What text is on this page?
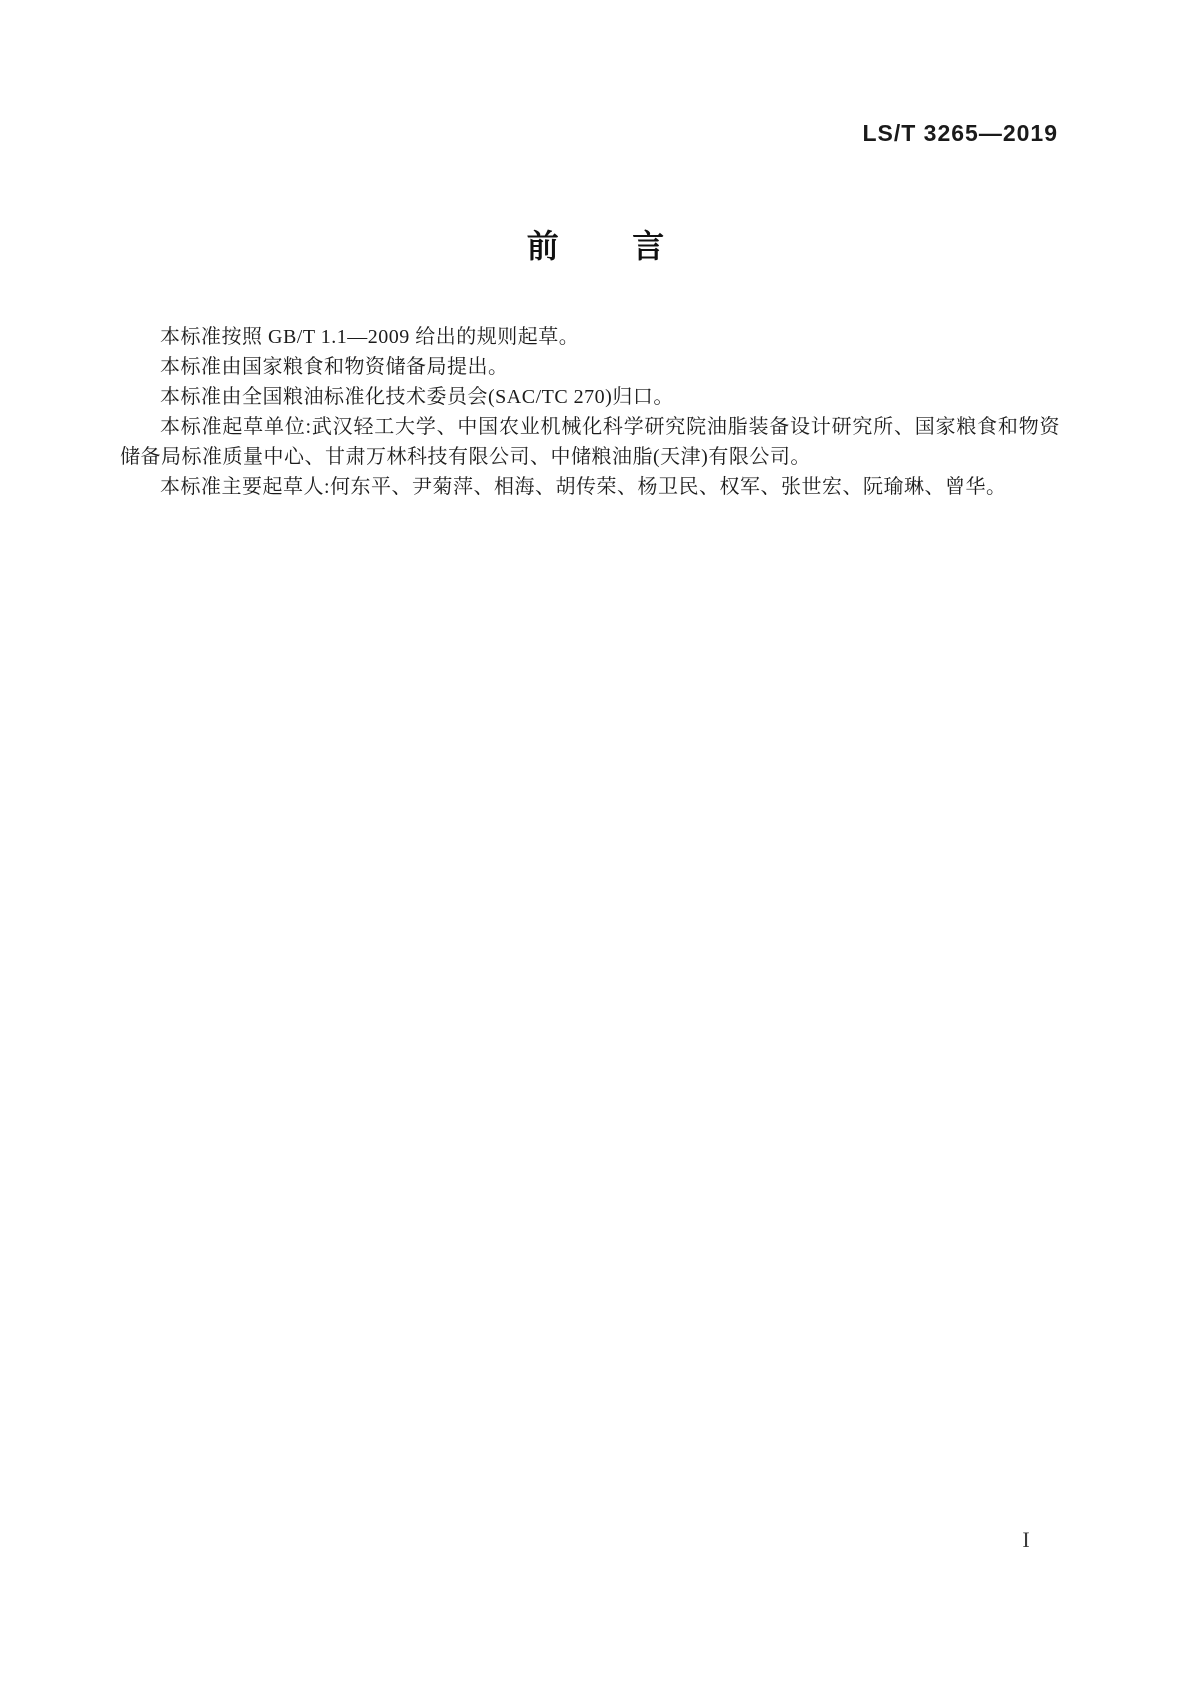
LS/T 3265—2019
前言

本标准按照 GB/T 1.1—2009 给出的规则起草。

本标准由国家粮食和物资储备局提出。

本标准由全国粮油标准化技术委员会(SAC/TC 270)归口。

本标准起草单位:武汉轻工大学、中国农业机械化科学研究院油脂装备设计研究所、国家粮食和物资储备局标准质量中心、甘肃万林科技有限公司、中储粮油脂(天津)有限公司。

本标准主要起草人:何东平、尹菊萍、相海、胡传荣、杨卫民、权军、张世宏、阮瑜琳、曾华。

I
